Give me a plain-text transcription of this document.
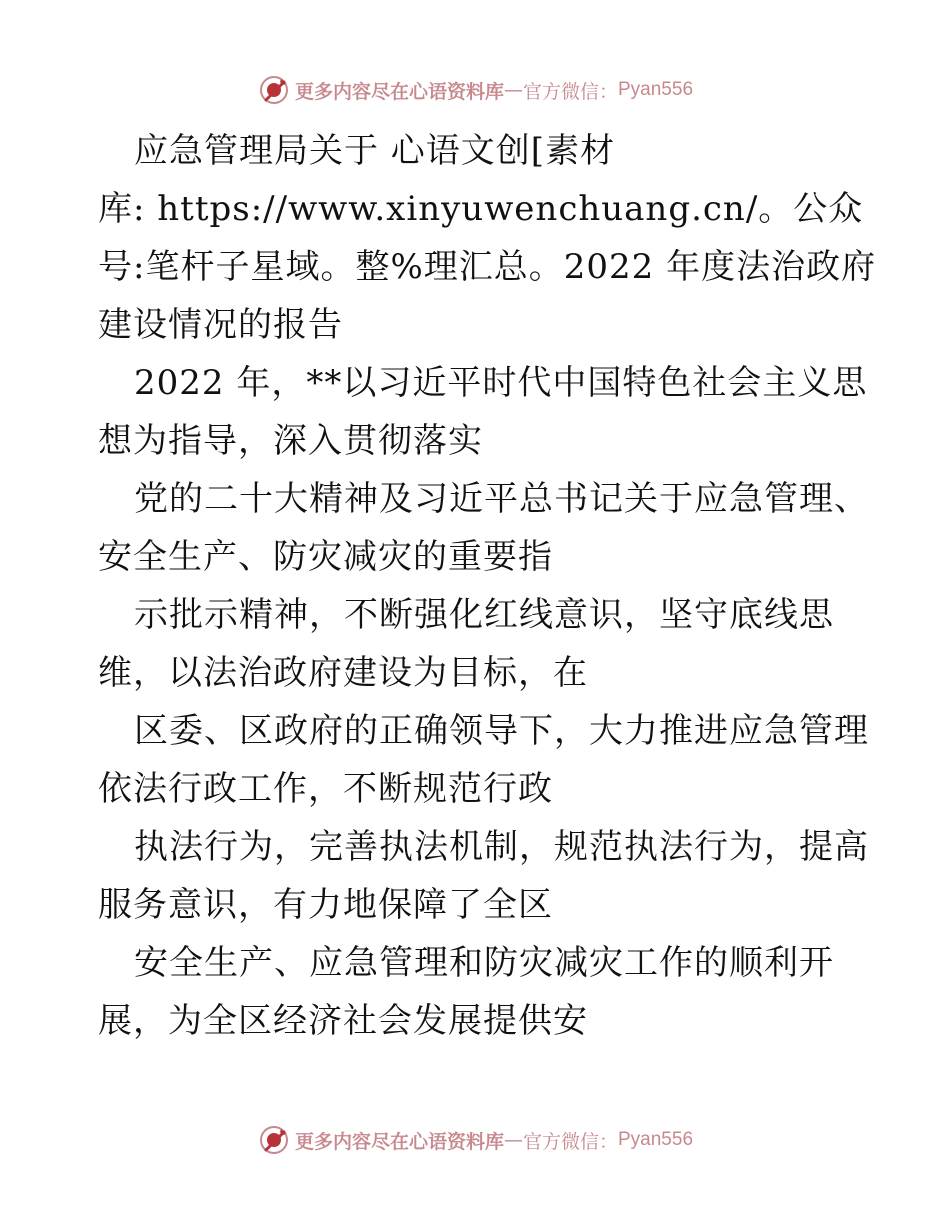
更多内容尽在心语资料库 — 官方微信： Pyan556

应急管理局关于 心语文创[素材

库: https://www.xinyuwenchuang.cn/。公众号:笔杆子星域。整%理汇总。2022 年度法治政府建设情况的报告

2022 年，**以习近平时代中国特色社会主义思想为指导，深入贯彻落实

党的二十大精神及习近平总书记关于应急管理、安全生产、防灾减灾的重要指

示批示精神，不断强化红线意识，坚守底线思维，以法治政府建设为目标，在

区委、区政府的正确领导下，大力推进应急管理依法行政工作，不断规范行政

执法行为，完善执法机制，规范执法行为，提高服务意识，有力地保障了全区

安全生产、应急管理和防灾减灾工作的顺利开展，为全区经济社会发展提供安

更多内容尽在心语资料库 — 官方微信： Pyan556
